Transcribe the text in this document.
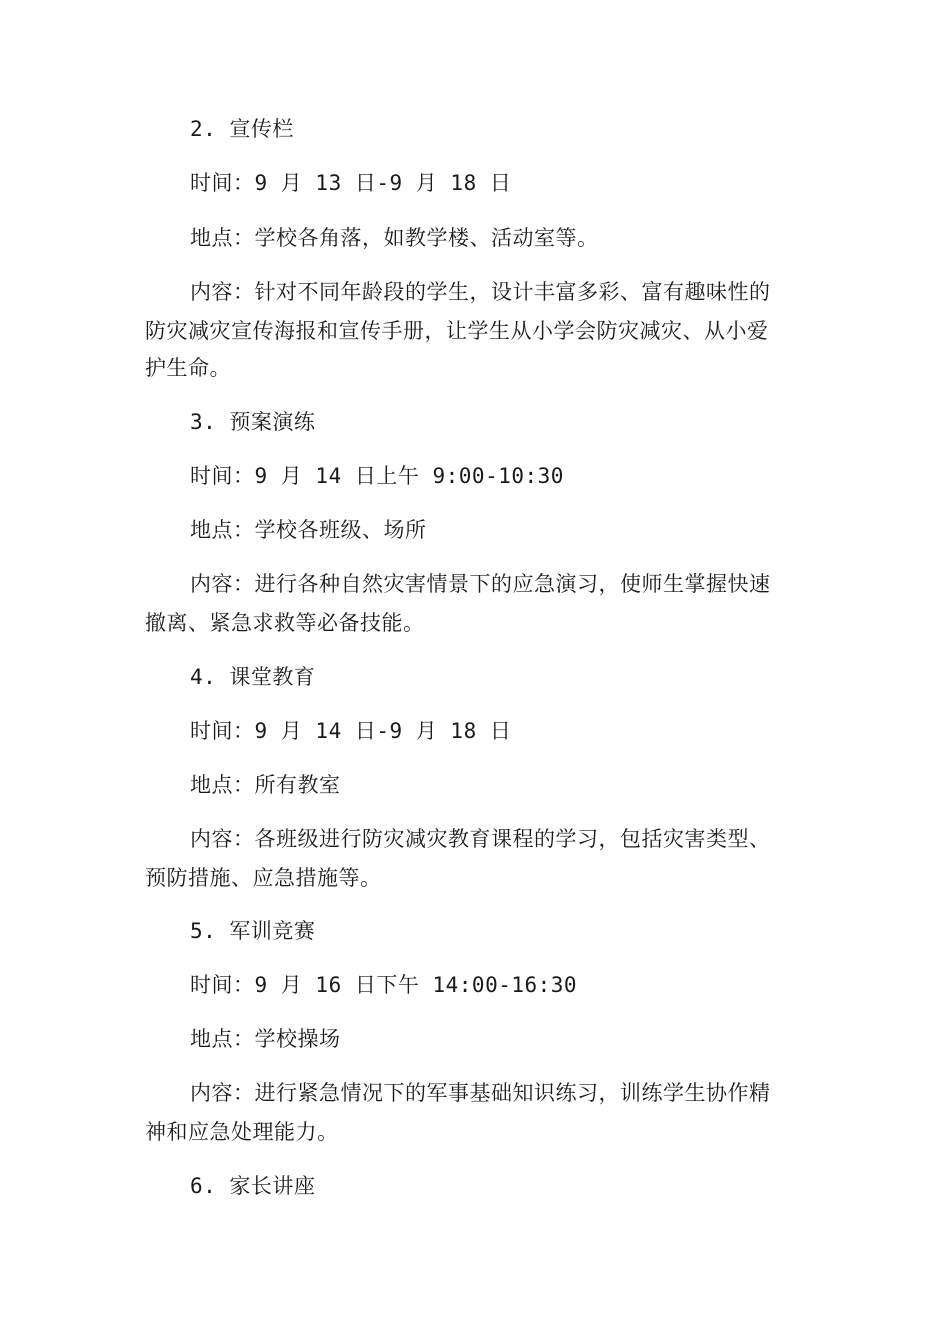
2. 宣传栏
时间：9 月 13 日-9 月 18 日
地点：学校各角落，如教学楼、活动室等。
内容：针对不同年龄段的学生，设计丰富多彩、富有趣味性的
防灾减灾宣传海报和宣传手册，让学生从小学会防灾减灾、从小爱
护生命。
3. 预案演练
时间：9 月 14 日上午 9:00-10:30
地点：学校各班级、场所
内容：进行各种自然灾害情景下的应急演习，使师生掌握快速
撤离、紧急求救等必备技能。
4. 课堂教育
时间：9 月 14 日-9 月 18 日
地点：所有教室
内容：各班级进行防灾减灾教育课程的学习，包括灾害类型、
预防措施、应急措施等。
5. 军训竞赛
时间：9 月 16 日下午 14:00-16:30
地点：学校操场
内容：进行紧急情况下的军事基础知识练习，训练学生协作精
神和应急处理能力。
6. 家长讲座
